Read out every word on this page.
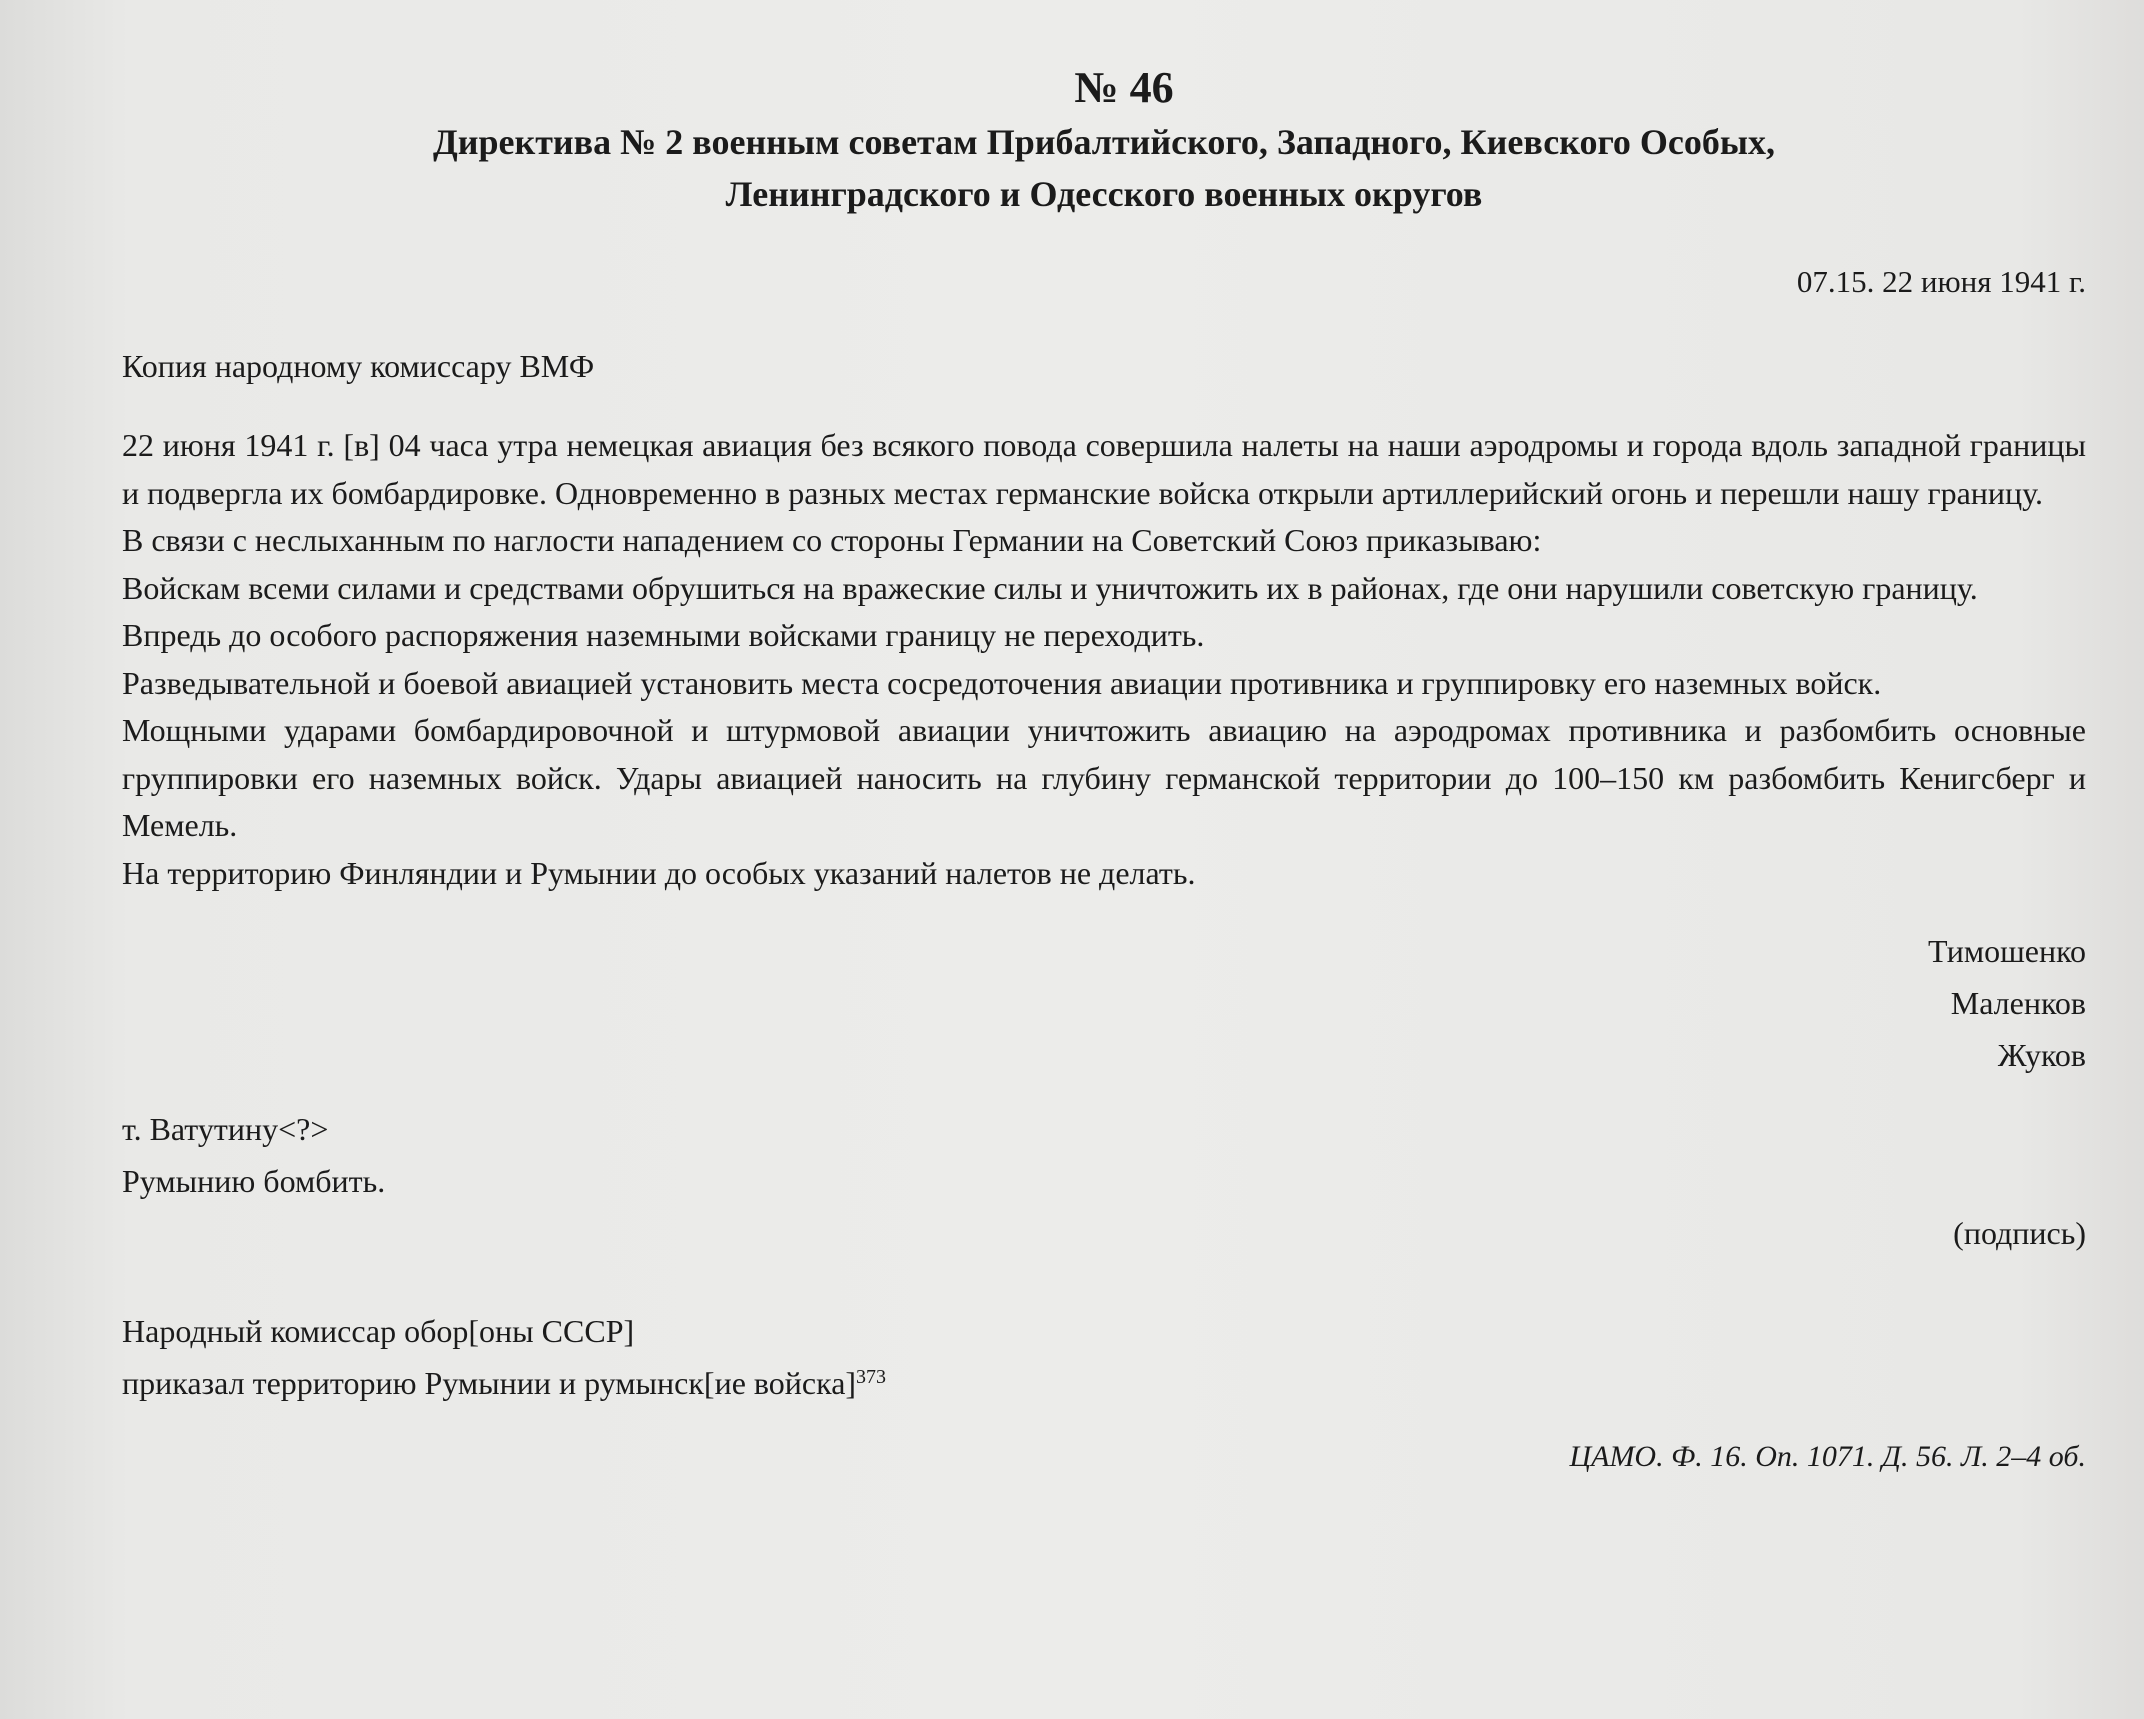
№ 46
Директива № 2 военным советам Прибалтийского, Западного, Киевского Особых,
Ленинградского и Одесского военных округов
07.15. 22 июня 1941 г.
Копия народному комиссару ВМФ

22 июня 1941 г. [в] 04 часа утра немецкая авиация без всякого повода совершила налеты на наши аэродромы и города вдоль западной границы и подвергла их бомбардировке. Одновременно в разных местах германские войска открыли артиллерийский огонь и перешли нашу границу.

В связи с неслыханным по наглости нападением со стороны Германии на Советский Союз приказываю:

Войскам всеми силами и средствами обрушиться на вражеские силы и уничтожить их в районах, где они нарушили советскую границу.

Впредь до особого распоряжения наземными войсками границу не переходить.

Разведывательной и боевой авиацией установить места сосредоточения авиации противника и группировку его наземных войск.

Мощными ударами бомбардировочной и штурмовой авиации уничтожить авиацию на аэродромах противника и разбомбить основные группировки его наземных войск. Удары авиацией наносить на глубину германской территории до 100–150 км разбомбить Кенигсберг и Мемель.

На территорию Финляндии и Румынии до особых указаний налетов не делать.

Тимошенко
Маленков
Жуков
т. Ватутину<?>
Румынию бомбить.
(подпись)
Народный комиссар обор[оны СССР]
приказал территорию Румынии и румынск[ие войска]$^{373}$
ЦАМО. Ф. 16. Оп. 1071. Д. 56. Л. 2–4 об.
